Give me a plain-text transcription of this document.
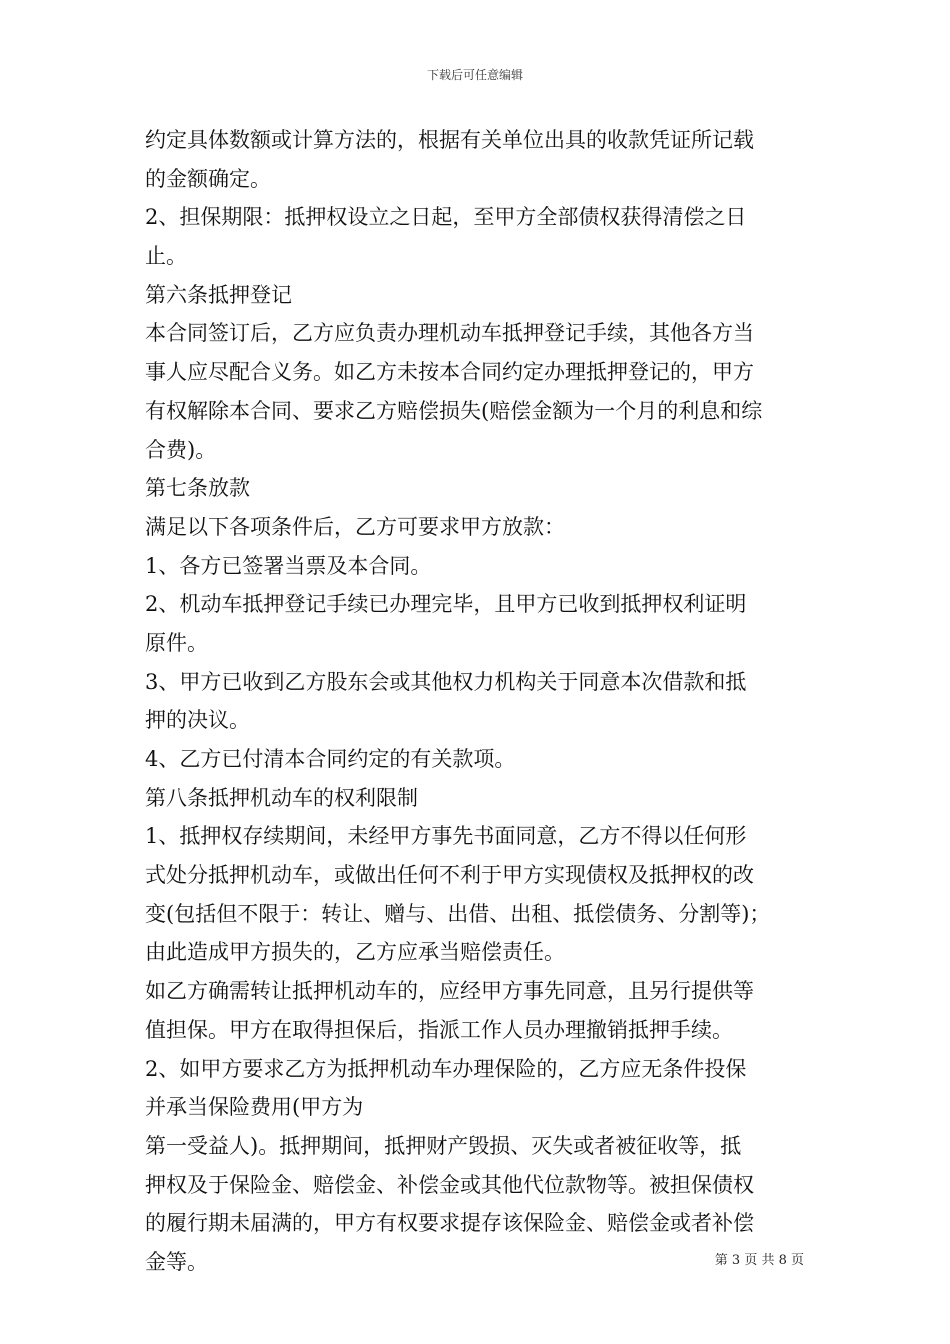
下载后可任意编辑
约定具体数额或计算方法的，根据有关单位出具的收款凭证所记载
的金额确定。
2、担保期限：抵押权设立之日起，至甲方全部债权获得清偿之日
止。
第六条抵押登记
本合同签订后，乙方应负责办理机动车抵押登记手续，其他各方当
事人应尽配合义务。如乙方未按本合同约定办理抵押登记的，甲方
有权解除本合同、要求乙方赔偿损失(赔偿金额为一个月的利息和综
合费)。
第七条放款
满足以下各项条件后，乙方可要求甲方放款：
1、各方已签署当票及本合同。
2、机动车抵押登记手续已办理完毕，且甲方已收到抵押权利证明
原件。
3、甲方已收到乙方股东会或其他权力机构关于同意本次借款和抵
押的决议。
4、乙方已付清本合同约定的有关款项。
第八条抵押机动车的权利限制
1、抵押权存续期间，未经甲方事先书面同意，乙方不得以任何形
式处分抵押机动车，或做出任何不利于甲方实现债权及抵押权的改
变(包括但不限于：转让、赠与、出借、出租、抵偿债务、分割等)；
由此造成甲方损失的，乙方应承当赔偿责任。
如乙方确需转让抵押机动车的，应经甲方事先同意，且另行提供等
值担保。甲方在取得担保后，指派工作人员办理撤销抵押手续。
2、如甲方要求乙方为抵押机动车办理保险的，乙方应无条件投保
并承当保险费用(甲方为
第一受益人)。抵押期间，抵押财产毁损、灭失或者被征收等，抵
押权及于保险金、赔偿金、补偿金或其他代位款物等。被担保债权
的履行期未届满的，甲方有权要求提存该保险金、赔偿金或者补偿
金等。	第 3 页 共 8 页
